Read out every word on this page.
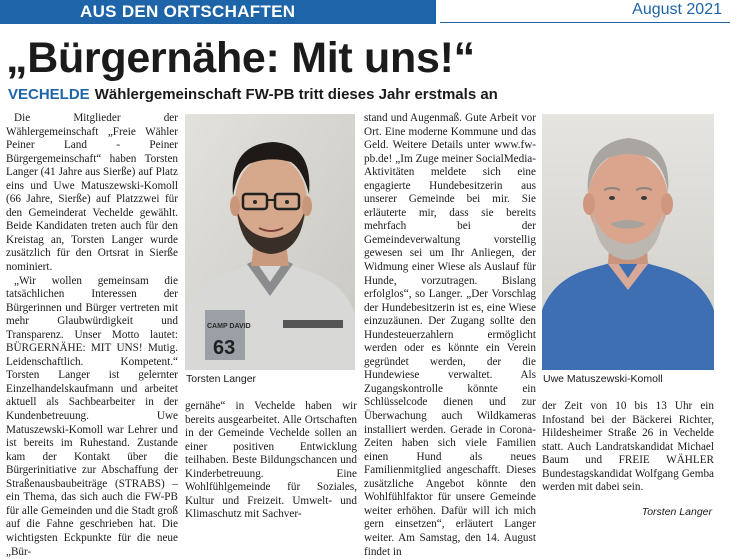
AUS DEN ORTSCHAFTEN	August 2021
„Bürgernähe: Mit uns!“
VECHELDE Wählergemeinschaft FW-PB tritt dieses Jahr erstmals an

Die Mitglieder der Wählergemeinschaft „Freie Wähler Peiner Land - Peiner Bürgergemeinschaft“ haben Torsten Langer (41 Jahre aus Sierße) auf Platz eins und Uwe Matuszewski-Komoll (66 Jahre, Sierße) auf Platzzwei für den Gemeinderat Vechelde gewählt. Beide Kandidaten treten auch für den Kreistag an, Torsten Langer wurde zusätzlich für den Ortsrat in Sierße nominiert.

„Wir wollen gemeinsam die tatsächlichen Interessen der Bürgerinnen und Bürger vertreten mit mehr Glaubwürdigkeit und Transparenz. Unser Motto lautet: BÜRGERNÄHE: MIT UNS! Mutig. Leidenschaftlich. Kompetent.“ Torsten Langer ist gelernter Einzelhandelskaufmann und arbeitet aktuell als Sachbearbeiter in der Kundenbetreuung. Uwe Matuszewski-Komoll war Lehrer und ist bereits im Ruhestand. Zustande kam der Kontakt über die Bürgerinitiative zur Abschaffung der Straßenausbaubeiträge (STRABS) – ein Thema, das sich auch die FW-PB für alle Gemeinden und die Stadt groß auf die Fahne geschrieben hat. Die wichtigsten Eckpunkte für die neue „Bür-

CAMP DAVID
63
Torsten Langer

gernähe“ in Vechelde haben wir bereits ausgearbeitet. Alle Ortschaften in der Gemeinde Vechelde sollen an einer positiven Entwicklung teilhaben. Beste Bildungschancen und Kinderbetreuung. Eine Wohlfühlgemeinde für Soziales, Kultur und Freizeit. Umwelt- und Klimaschutz mit Sachver-

stand und Augenmaß. Gute Arbeit vor Ort. Eine moderne Kommune und das Geld. Weitere Details unter www.fw-pb.de! „Im Zuge meiner SocialMedia-Aktivitäten meldete sich eine engagierte Hundebesitzerin aus unserer Gemeinde bei mir. Sie erläuterte mir, dass sie bereits mehrfach bei der Gemeindeverwaltung vorstellig gewesen sei um Ihr Anliegen, der Widmung einer Wiese als Auslauf für Hunde, vorzutragen. Bislang erfolglos“, so Langer. „Der Vorschlag der Hundebesitzerin ist es, eine Wiese einzuzäunen. Der Zugang sollte den Hundesteuerzahlern ermöglicht werden oder es könnte ein Verein gegründet werden, der die Hundewiese verwaltet. Als Zugangskontrolle könnte ein Schlüsselcode dienen und zur Überwachung auch Wildkameras installiert werden. Gerade in Corona-Zeiten haben sich viele Familien einen Hund als neues Familienmitglied angeschafft. Dieses zusätzliche Angebot könnte den Wohlfühlfaktor für unsere Gemeinde weiter erhöhen. Dafür will ich mich gern einsetzen“, erläutert Langer weiter. Am Samstag, den 14. August findet in

Uwe Matuszewski-Komoll

der Zeit von 10 bis 13 Uhr ein Infostand bei der Bäckerei Richter, Hildesheimer Straße 26 in Vechelde statt. Auch Landratskandidat Michael Baum und FREIE WÄHLER Bundestagskandidat Wolfgang Gemba werden mit dabei sein.

Torsten Langer
